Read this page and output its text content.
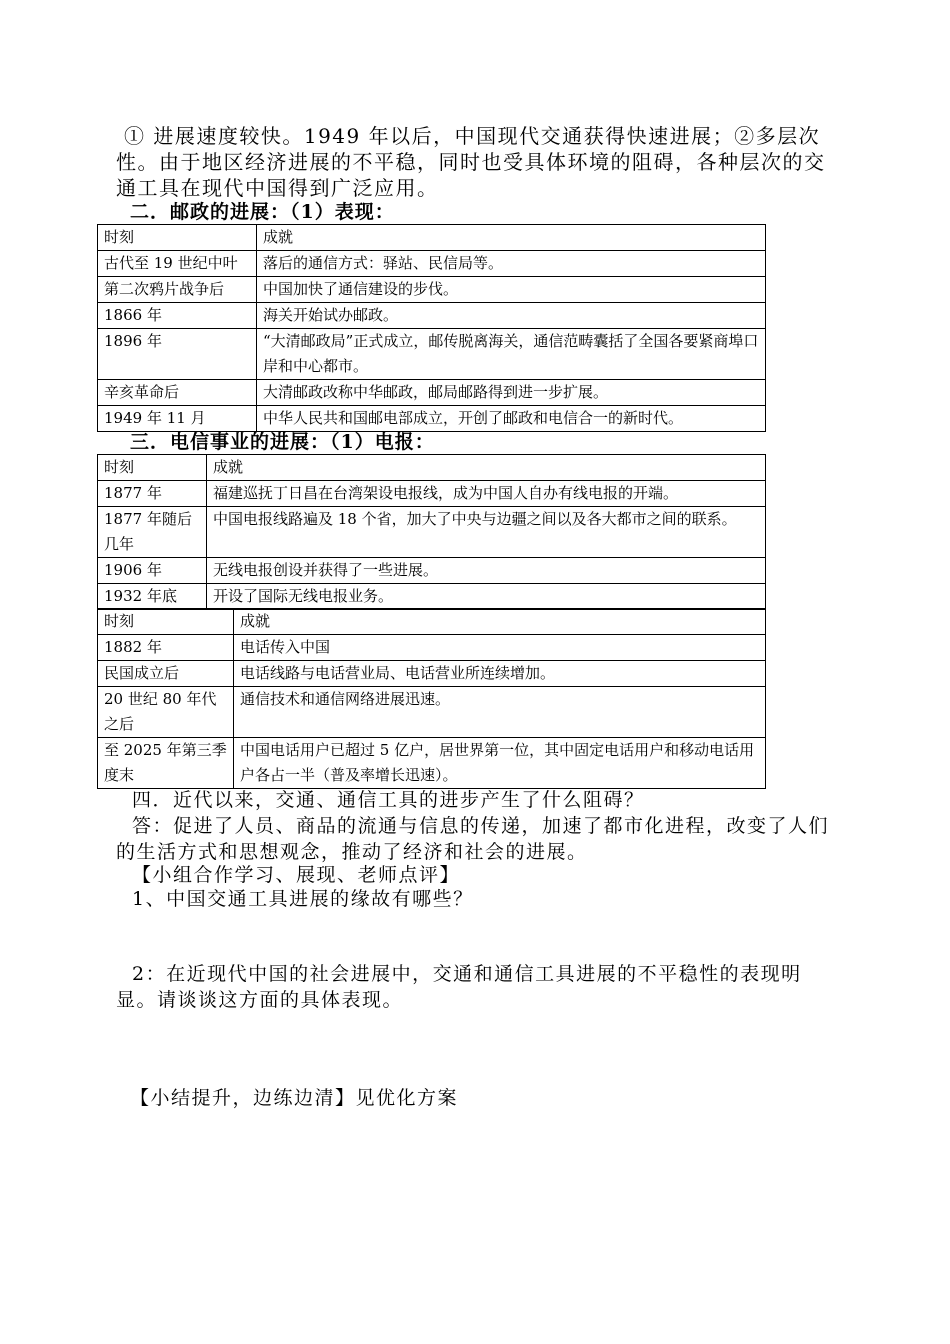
① 进展速度较快。1949 年以后，中国现代交通获得快速进展；②多层次性。由于地区经济进展的不平稳，同时也受具体环境的阻碍，各种层次的交通工具在现代中国得到广泛应用。

二．邮政的进展：（1）表现：

时刻	成就
古代至 19 世纪中叶	落后的通信方式：驿站、民信局等。
第二次鸦片战争后	中国加快了通信建设的步伐。
1866 年	海关开始试办邮政。
1896 年	“大清邮政局”正式成立，邮传脱离海关，通信范畴囊括了全国各要紧商埠口岸和中心都市。
辛亥革命后	大清邮政改称中华邮政，邮局邮路得到进一步扩展。
1949 年 11 月	中华人民共和国邮电部成立，开创了邮政和电信合一的新时代。

三．电信事业的进展：（1）电报：

时刻	成就
1877 年	福建巡抚丁日昌在台湾架设电报线，成为中国人自办有线电报的开端。
1877 年随后几年	中国电报线路遍及 18 个省，加大了中央与边疆之间以及各大都市之间的联系。
1906 年	无线电报创设并获得了一些进展。
1932 年底	开设了国际无线电报业务。
时刻	成就
1882 年	电话传入中国
民国成立后	电话线路与电话营业局、电话营业所连续增加。
20 世纪 80 年代之后	通信技术和通信网络进展迅速。
至 2025 年第三季度末	中国电话用户已超过 5 亿户，居世界第一位，其中固定电话用户和移动电话用户各占一半（普及率增长迅速）。

四．近代以来，交通、通信工具的进步产生了什么阻碍？

答：促进了人员、商品的流通与信息的传递，加速了都市化进程，改变了人们的生活方式和思想观念，推动了经济和社会的进展。

【小组合作学习、展现、老师点评】

1、中国交通工具进展的缘故有哪些？

2：在近现代中国的社会进展中，交通和通信工具进展的不平稳性的表现明显。请谈谈这方面的具体表现。

【小结提升，边练边清】见优化方案
